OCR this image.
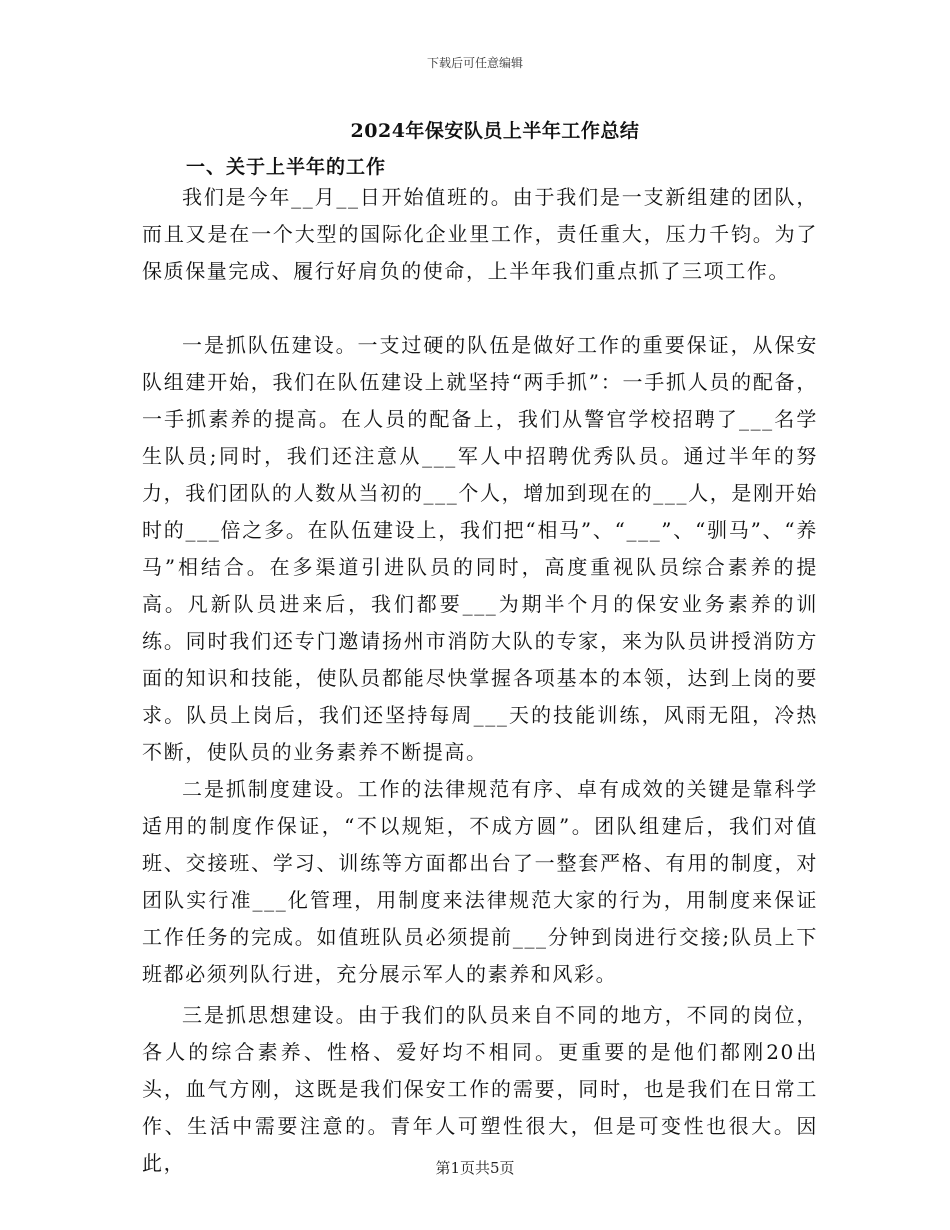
下载后可任意编辑
2024年保安队员上半年工作总结
一、关于上半年的工作

我们是今年__月__日开始值班的。由于我们是一支新组建的团队，而且又是在一个大型的国际化企业里工作，责任重大，压力千钧。为了保质保量完成、履行好肩负的使命，上半年我们重点抓了三项工作。

一是抓队伍建设。一支过硬的队伍是做好工作的重要保证，从保安队组建开始，我们在队伍建设上就坚持“两手抓”：一手抓人员的配备，一手抓素养的提高。在人员的配备上，我们从警官学校招聘了___名学生队员;同时，我们还注意从___军人中招聘优秀队员。通过半年的努力，我们团队的人数从当初的___个人，增加到现在的___人，是刚开始时的___倍之多。在队伍建设上，我们把“相马”、“___”、“驯马”、“养马”相结合。在多渠道引进队员的同时，高度重视队员综合素养的提高。凡新队员进来后，我们都要___为期半个月的保安业务素养的训练。同时我们还专门邀请扬州市消防大队的专家，来为队员讲授消防方面的知识和技能，使队员都能尽快掌握各项基本的本领，达到上岗的要求。队员上岗后，我们还坚持每周___天的技能训练，风雨无阻，冷热不断，使队员的业务素养不断提高。

二是抓制度建设。工作的法律规范有序、卓有成效的关键是靠科学适用的制度作保证，“不以规矩，不成方圆”。团队组建后，我们对值班、交接班、学习、训练等方面都出台了一整套严格、有用的制度，对团队实行准___化管理，用制度来法律规范大家的行为，用制度来保证工作任务的完成。如值班队员必须提前___分钟到岗进行交接;队员上下班都必须列队行进，充分展示军人的素养和风彩。

三是抓思想建设。由于我们的队员来自不同的地方，不同的岗位，各人的综合素养、性格、爱好均不相同。更重要的是他们都刚20出头，血气方刚，这既是我们保安工作的需要，同时，也是我们在日常工作、生活中需要注意的。青年人可塑性很大，但是可变性也很大。因此，	第1页共5页
